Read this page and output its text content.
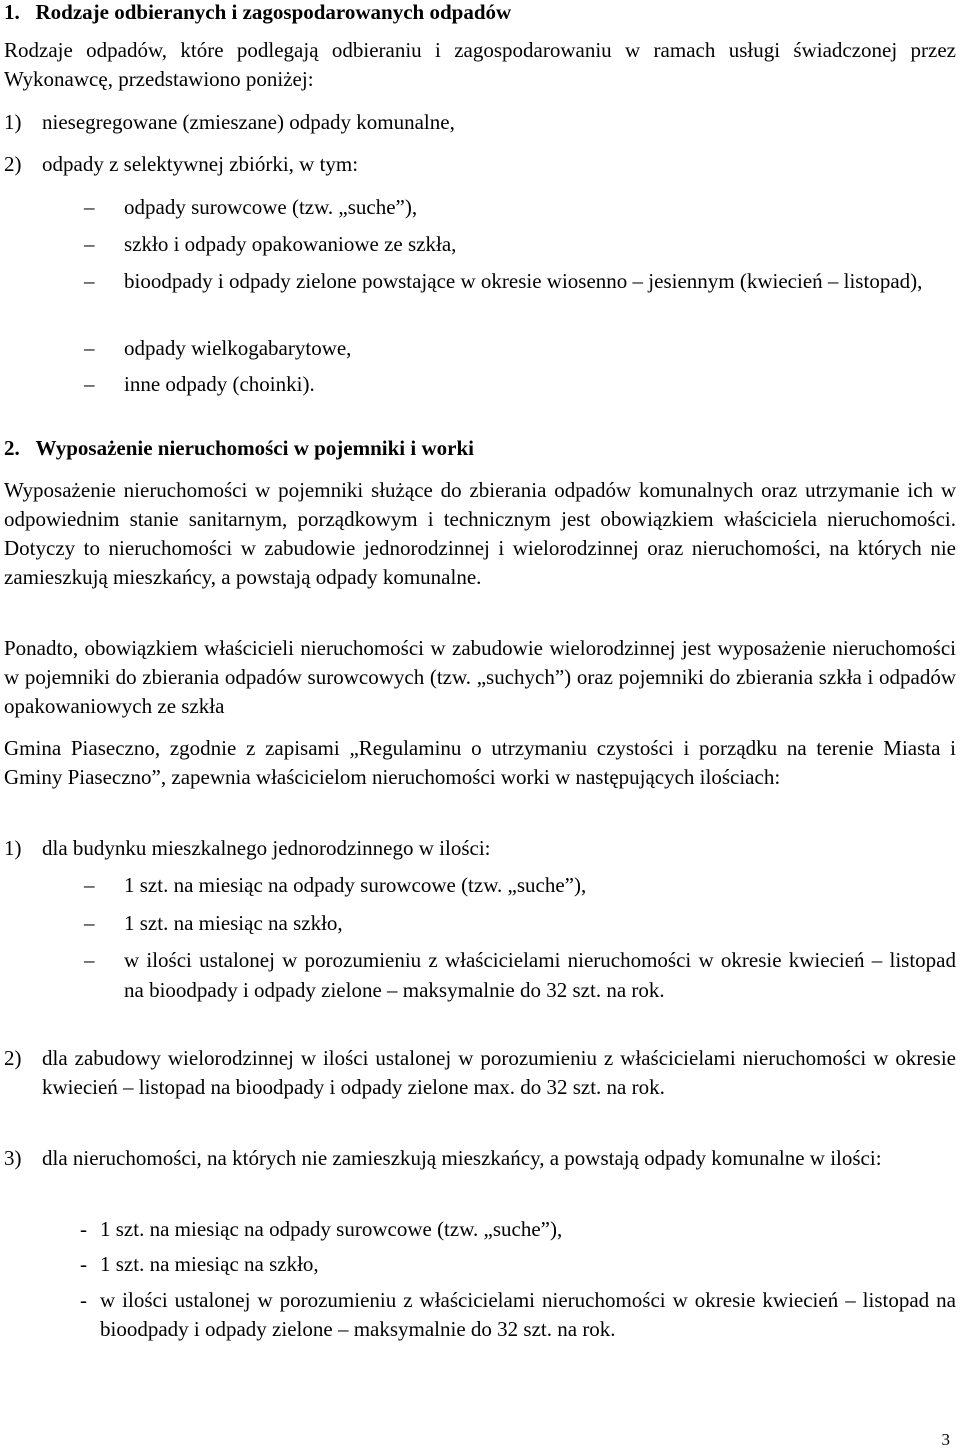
1.   Rodzaje odbieranych i zagospodarowanych odpadów
Rodzaje odpadów, które podlegają odbieraniu i zagospodarowaniu w ramach usługi świadczonej przez Wykonawcę, przedstawiono poniżej:
1) niesegregowane (zmieszane) odpady komunalne,
2) odpady z selektywnej zbiórki, w tym:
–	odpady surowcowe (tzw. „suche”),
–	szkło i odpady opakowaniowe ze szkła,
–	bioodpady i odpady zielone powstające w okresie wiosenno – jesiennym (kwiecień – listopad),
–	odpady wielkogabarytowe,
–	inne odpady (choinki).
2.   Wyposażenie nieruchomości w pojemniki i worki
Wyposażenie nieruchomości w pojemniki służące do zbierania odpadów komunalnych oraz utrzymanie ich w odpowiednim stanie sanitarnym, porządkowym i technicznym jest obowiązkiem właściciela nieruchomości. Dotyczy to nieruchomości w zabudowie jednorodzinnej i wielorodzinnej oraz nieruchomości, na których nie zamieszkują mieszkańcy, a powstają odpady komunalne.
Ponadto, obowiązkiem właścicieli nieruchomości w zabudowie wielorodzinnej jest wyposażenie nieruchomości w pojemniki do zbierania odpadów surowcowych (tzw. „suchych”) oraz pojemniki do zbierania szkła i odpadów opakowaniowych ze szkła
Gmina Piaseczno, zgodnie z zapisami „Regulaminu o utrzymaniu czystości i porządku na terenie Miasta i Gminy Piaseczno”, zapewnia właścicielom nieruchomości worki w następujących ilościach:
1) dla budynku mieszkalnego jednorodzinnego w ilości:
–	1 szt. na miesiąc na odpady surowcowe (tzw. „suche”),
–	1 szt. na miesiąc na szkło,
–	w ilości ustalonej w porozumieniu z właścicielami nieruchomości w okresie kwiecień – listopad na bioodpady i odpady zielone – maksymalnie do 32 szt. na rok.
2) dla zabudowy wielorodzinnej w ilości ustalonej w porozumieniu z właścicielami nieruchomości w okresie kwiecień – listopad na bioodpady i odpady zielone max. do 32 szt. na rok.
3) dla nieruchomości, na których nie zamieszkują mieszkańcy, a powstają odpady komunalne w ilości:
- 1 szt. na miesiąc na odpady surowcowe (tzw. „suche”),
- 1 szt. na miesiąc na szkło,
- w ilości ustalonej w porozumieniu z właścicielami nieruchomości w okresie kwiecień – listopad na bioodpady i odpady zielone – maksymalnie do 32 szt. na rok.
3
